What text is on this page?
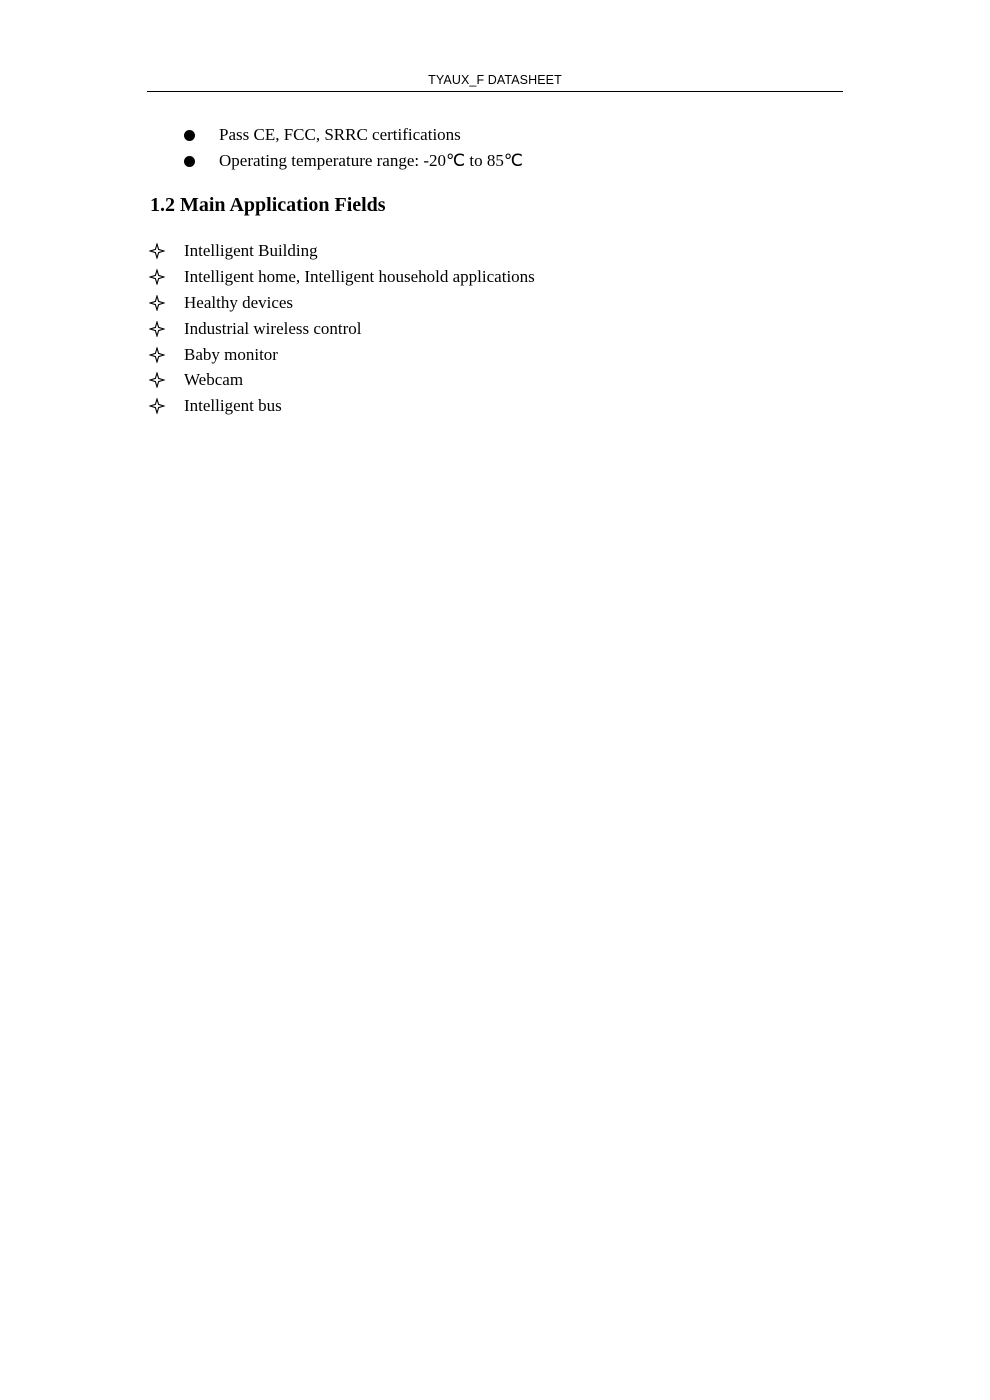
TYAUX_F DATASHEET
Pass CE, FCC, SRRC certifications
Operating temperature range: -20℃ to 85℃
1.2 Main Application Fields
Intelligent Building
Intelligent home, Intelligent household applications
Healthy devices
Industrial wireless control
Baby monitor
Webcam
Intelligent bus
